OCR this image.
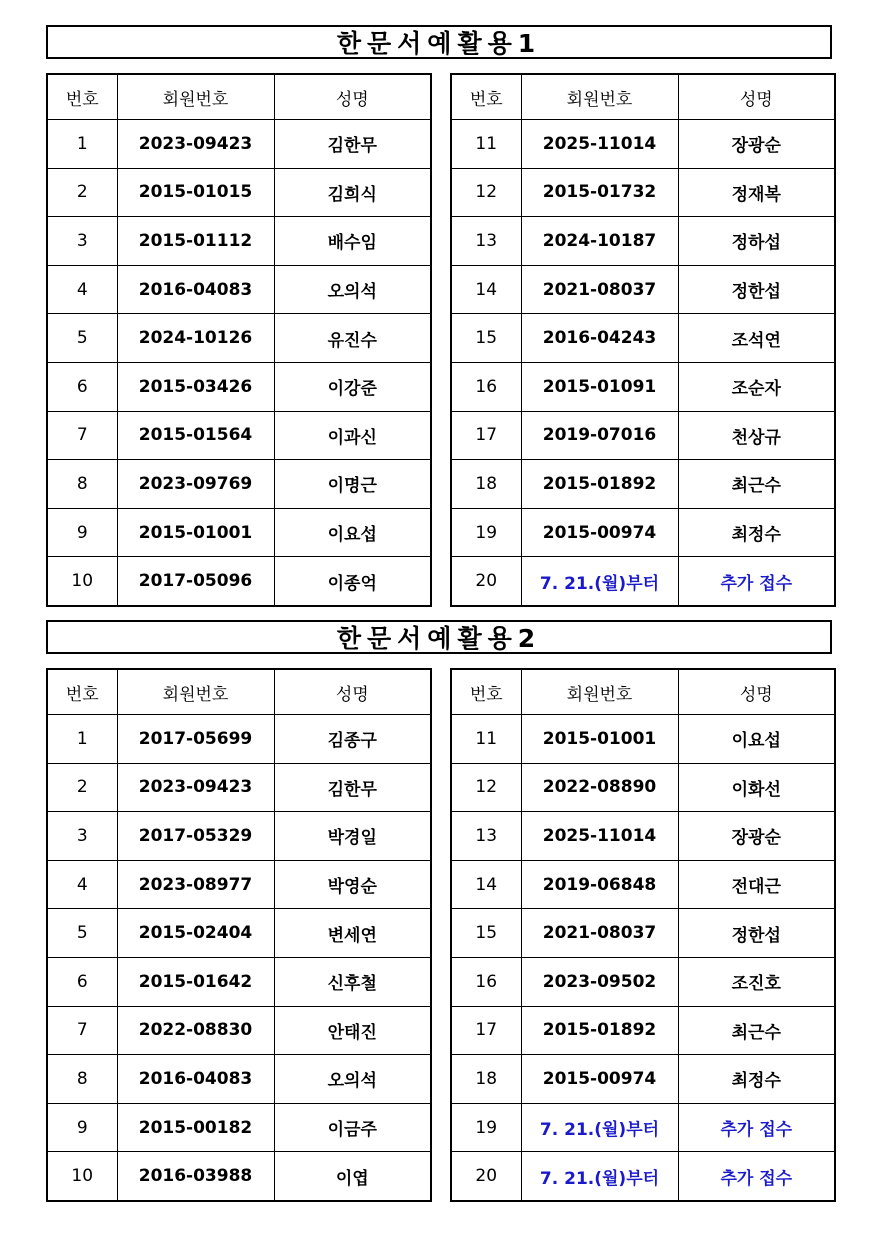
한문서예활용1
번호	회원번호	성명
1	2023-09423	김한무
2	2015-01015	김희식
3	2015-01112	배수임
4	2016-04083	오의석
5	2024-10126	유진수
6	2015-03426	이강준
7	2015-01564	이과신
8	2023-09769	이명근
9	2015-01001	이요섭
10	2017-05096	이종억
번호	회원번호	성명
11	2025-11014	장광순
12	2015-01732	정재복
13	2024-10187	정하섭
14	2021-08037	정한섭
15	2016-04243	조석연
16	2015-01091	조순자
17	2019-07016	천상규
18	2015-01892	최근수
19	2015-00974	최정수
20	7. 21.(월)부터	추가 접수
한문서예활용2
번호	회원번호	성명
1	2017-05699	김종구
2	2023-09423	김한무
3	2017-05329	박경일
4	2023-08977	박영순
5	2015-02404	변세연
6	2015-01642	신후철
7	2022-08830	안태진
8	2016-04083	오의석
9	2015-00182	이금주
10	2016-03988	이엽
번호	회원번호	성명
11	2015-01001	이요섭
12	2022-08890	이화선
13	2025-11014	장광순
14	2019-06848	전대근
15	2021-08037	정한섭
16	2023-09502	조진호
17	2015-01892	최근수
18	2015-00974	최정수
19	7. 21.(월)부터	추가 접수
20	7. 21.(월)부터	추가 접수
